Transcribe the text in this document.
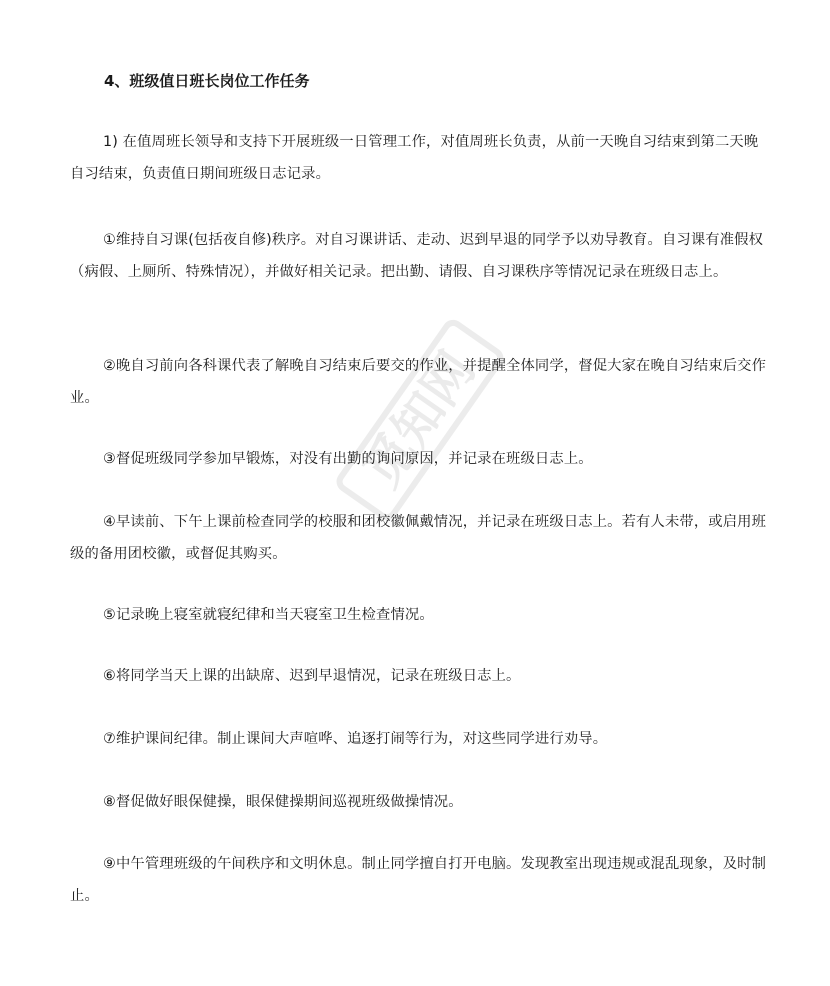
觅知网
4、班级值日班长岗位工作任务

1) 在值周班长领导和支持下开展班级一日管理工作，对值周班长负责，从前一天晚自习结束到第二天晚自习结束，负责值日期间班级日志记录。

①维持自习课(包括夜自修)秩序。对自习课讲话、走动、迟到早退的同学予以劝导教育。自习课有准假权（病假、上厕所、特殊情况），并做好相关记录。把出勤、请假、自习课秩序等情况记录在班级日志上。

②晚自习前向各科课代表了解晚自习结束后要交的作业，并提醒全体同学，督促大家在晚自习结束后交作业。

③督促班级同学参加早锻炼，对没有出勤的询问原因，并记录在班级日志上。

④早读前、下午上课前检查同学的校服和团校徽佩戴情况，并记录在班级日志上。若有人未带，或启用班级的备用团校徽，或督促其购买。

⑤记录晚上寝室就寝纪律和当天寝室卫生检查情况。

⑥将同学当天上课的出缺席、迟到早退情况，记录在班级日志上。

⑦维护课间纪律。制止课间大声喧哗、追逐打闹等行为，对这些同学进行劝导。

⑧督促做好眼保健操，眼保健操期间巡视班级做操情况。

⑨中午管理班级的午间秩序和文明休息。制止同学擅自打开电脑。发现教室出现违规或混乱现象，及时制止。
